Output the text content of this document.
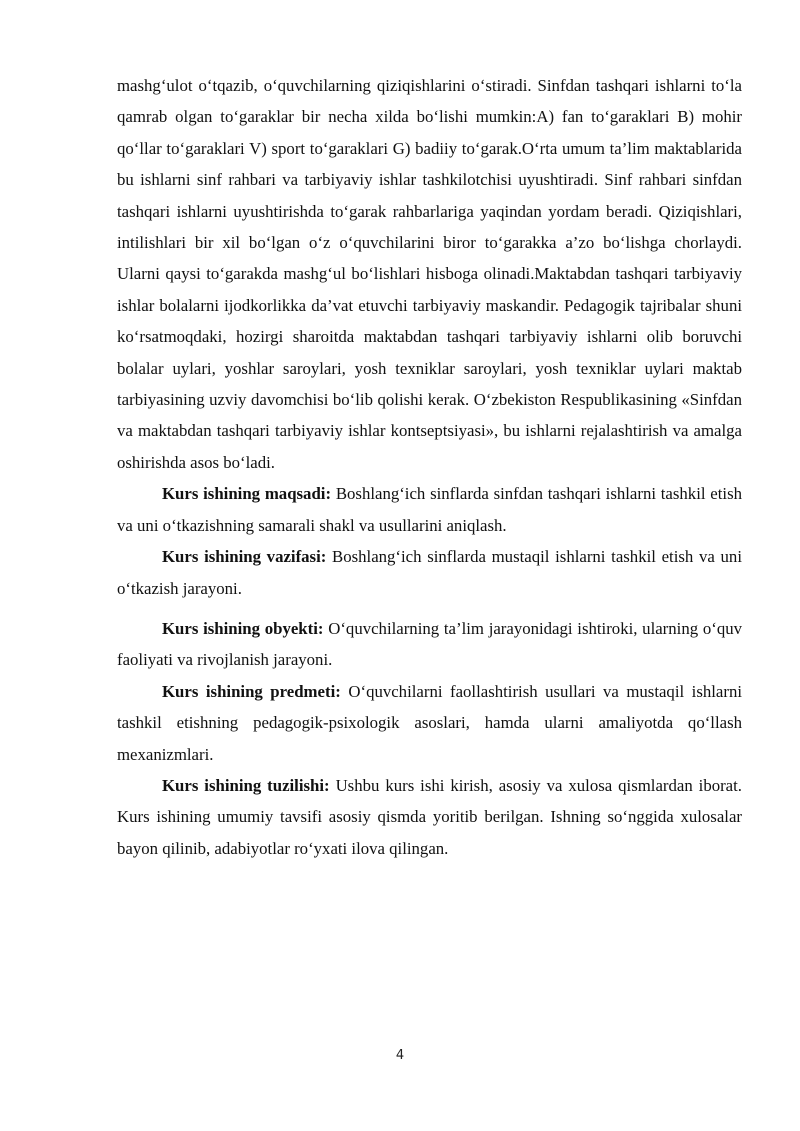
mashg‘ulot o‘tqazib, o‘quvchilarning qiziqishlarini o‘stiradi. Sinfdan tashqari ishlarni to‘la qamrab olgan to‘garaklar bir necha xilda bo‘lishi mumkin:A) fan to‘garaklari B) mohir qo‘llar to‘garaklari V) sport to‘garaklari G) badiiy to‘garak.O‘rta umum ta’lim maktablarida bu ishlarni sinf rahbari va tarbiyaviy ishlar tashkilotchisi uyushtiradi. Sinf rahbari sinfdan tashqari ishlarni uyushtirishda to‘garak rahbarlariga yaqindan yordam beradi. Qiziqishlari, intilishlari bir xil bo‘lgan o‘z o‘quvchilarini biror to‘garakka a’zo bo‘lishga chorlaydi. Ularni qaysi to‘garakda mashg‘ul bo‘lishlari hisboga olinadi.Maktabdan tashqari tarbiyaviy ishlar bolalarni ijodkorlikka da’vat etuvchi tarbiyaviy maskandir. Pedagogik tajribalar shuni ko‘rsatmoqdaki, hozirgi sharoitda maktabdan tashqari tarbiyaviy ishlarni olib boruvchi bolalar uylari, yoshlar saroylari, yosh texniklar saroylari, yosh texniklar uylari maktab tarbiyasining uzviy davomchisi bo‘lib qolishi kerak. O‘zbekiston Respublikasining «Sinfdan va maktabdan tashqari tarbiyaviy ishlar kontseptsiyasi», bu ishlarni rejalashtirish va amalga oshirishda asos bo‘ladi.

Kurs ishining maqsadi: Boshlang‘ich sinflarda sinfdan tashqari ishlarni tashkil etish va uni o‘tkazishning samarali shakl va usullarini aniqlash.

Kurs ishining vazifasi: Boshlang‘ich sinflarda mustaqil ishlarni tashkil etish va uni o‘tkazish jarayoni.

Kurs ishining obyekti: O‘quvchilarning ta’lim jarayonidagi ishtiroki, ularning o‘quv faoliyati va rivojlanish jarayoni.

Kurs ishining predmeti: O‘quvchilarni faollashtirish usullari va mustaqil ishlarni tashkil etishning pedagogik-psixologik asoslari, hamda ularni amaliyotda qo‘llash mexanizmlari.

Kurs ishining tuzilishi: Ushbu kurs ishi kirish, asosiy va xulosa qismlardan iborat. Kurs ishining umumiy tavsifi asosiy qismda yoritib berilgan. Ishning so‘nggida xulosalar bayon qilinib, adabiyotlar ro‘yxati ilova qilingan.

4
